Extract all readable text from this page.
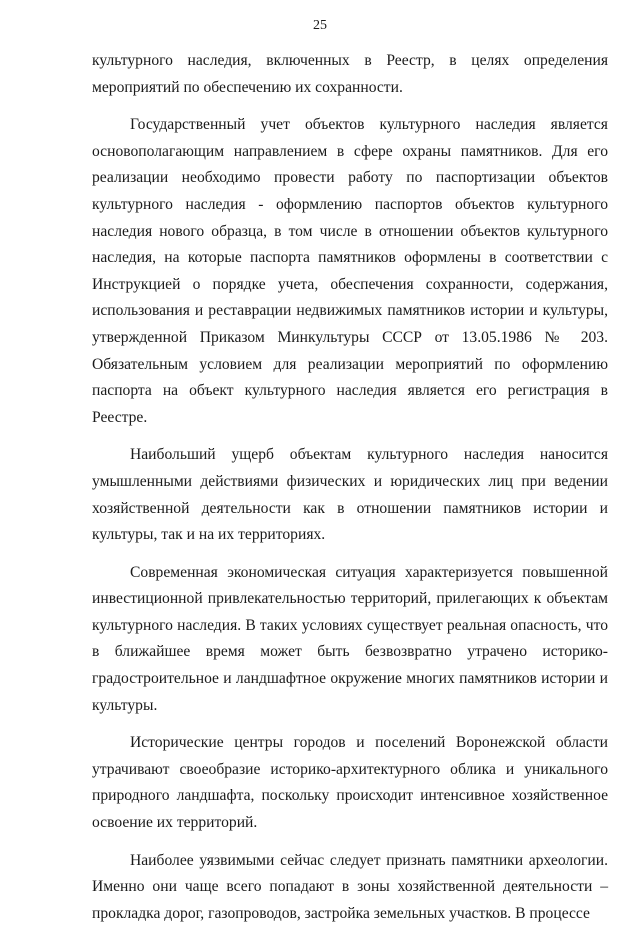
25

культурного наследия, включенных в Реестр, в целях определения мероприятий по обеспечению их сохранности.

Государственный учет объектов культурного наследия является основополагающим направлением в сфере охраны памятников. Для его реализации необходимо провести работу по паспортизации объектов культурного наследия - оформлению паспортов объектов культурного наследия нового образца, в том числе в отношении объектов культурного наследия, на которые паспорта памятников оформлены в соответствии с Инструкцией о порядке учета, обеспечения сохранности, содержания, использования и реставрации недвижимых памятников истории и культуры, утвержденной Приказом Минкультуры СССР от 13.05.1986 № 203. Обязательным условием для реализации мероприятий по оформлению паспорта на объект культурного наследия является его регистрация в Реестре.

Наибольший ущерб объектам культурного наследия наносится умышленными действиями физических и юридических лиц при ведении хозяйственной деятельности как в отношении памятников истории и культуры, так и на их территориях.

Современная экономическая ситуация характеризуется повышенной инвестиционной привлекательностью территорий, прилегающих к объектам культурного наследия. В таких условиях существует реальная опасность, что в ближайшее время может быть безвозвратно утрачено историко-градостроительное и ландшафтное окружение многих памятников истории и культуры.

Исторические центры городов и поселений Воронежской области утрачивают своеобразие историко-архитектурного облика и уникального природного ландшафта, поскольку происходит интенсивное хозяйственное освоение их территорий.

Наиболее уязвимыми сейчас следует признать памятники археологии. Именно они чаще всего попадают в зоны хозяйственной деятельности – прокладка дорог, газопроводов, застройка земельных участков. В процессе
